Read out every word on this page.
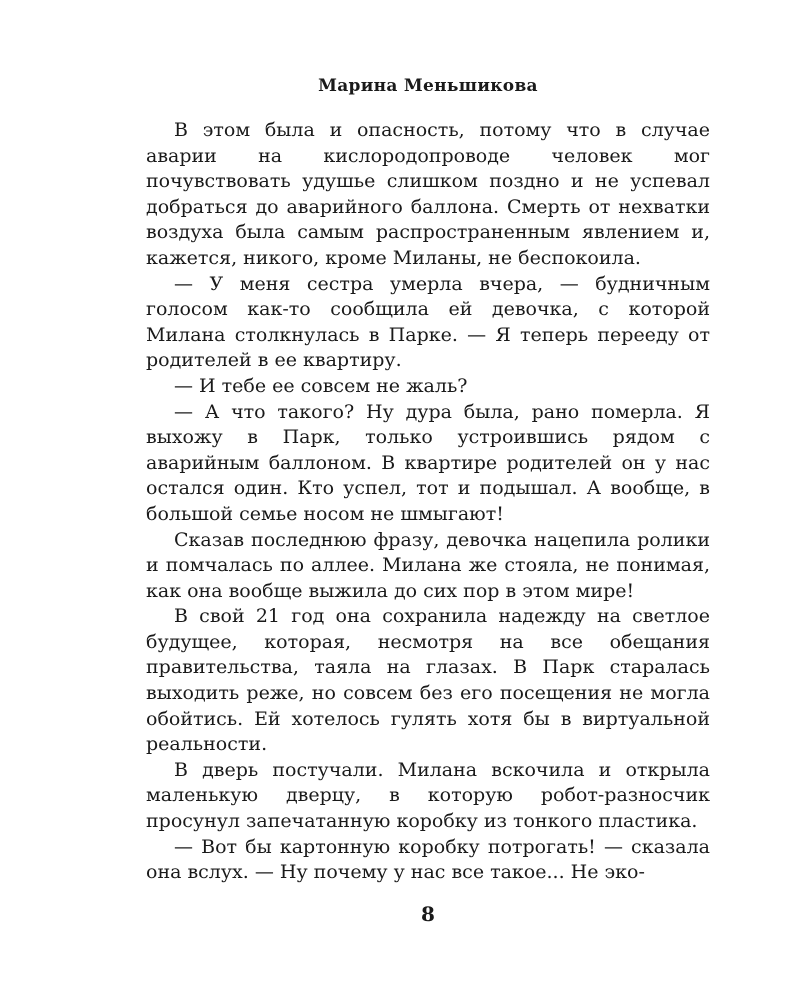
Марина Меньшикова

В этом была и опасность, потому что в случае аварии на кислородопроводе человек мог почувствовать удушье слишком поздно и не успевал добраться до аварийного баллона. Смерть от нехватки воздуха была самым распространенным явлением и, кажется, никого, кроме Миланы, не беспокоила.

— У меня сестра умерла вчера, — будничным голосом как-то сообщила ей девочка, с которой Милана столкнулась в Парке. — Я теперь перееду от родителей в ее квартиру.

— И тебе ее совсем не жаль?

— А что такого? Ну дура была, рано померла. Я выхожу в Парк, только устроившись рядом с аварийным баллоном. В квартире родителей он у нас остался один. Кто успел, тот и подышал. А вообще, в большой семье носом не шмыгают!

Сказав последнюю фразу, девочка нацепила ролики и помчалась по аллее. Милана же стояла, не понимая, как она вообще выжила до сих пор в этом мире!

В свой 21 год она сохранила надежду на светлое будущее, которая, несмотря на все обещания правительства, таяла на глазах. В Парк старалась выходить реже, но совсем без его посещения не могла обойтись. Ей хотелось гулять хотя бы в виртуальной реальности.

В дверь постучали. Милана вскочила и открыла маленькую дверцу, в которую робот-разносчик просунул запечатанную коробку из тонкого пластика.

— Вот бы картонную коробку потрогать! — сказала она вслух. — Ну почему у нас все такое... Не эко-

8
